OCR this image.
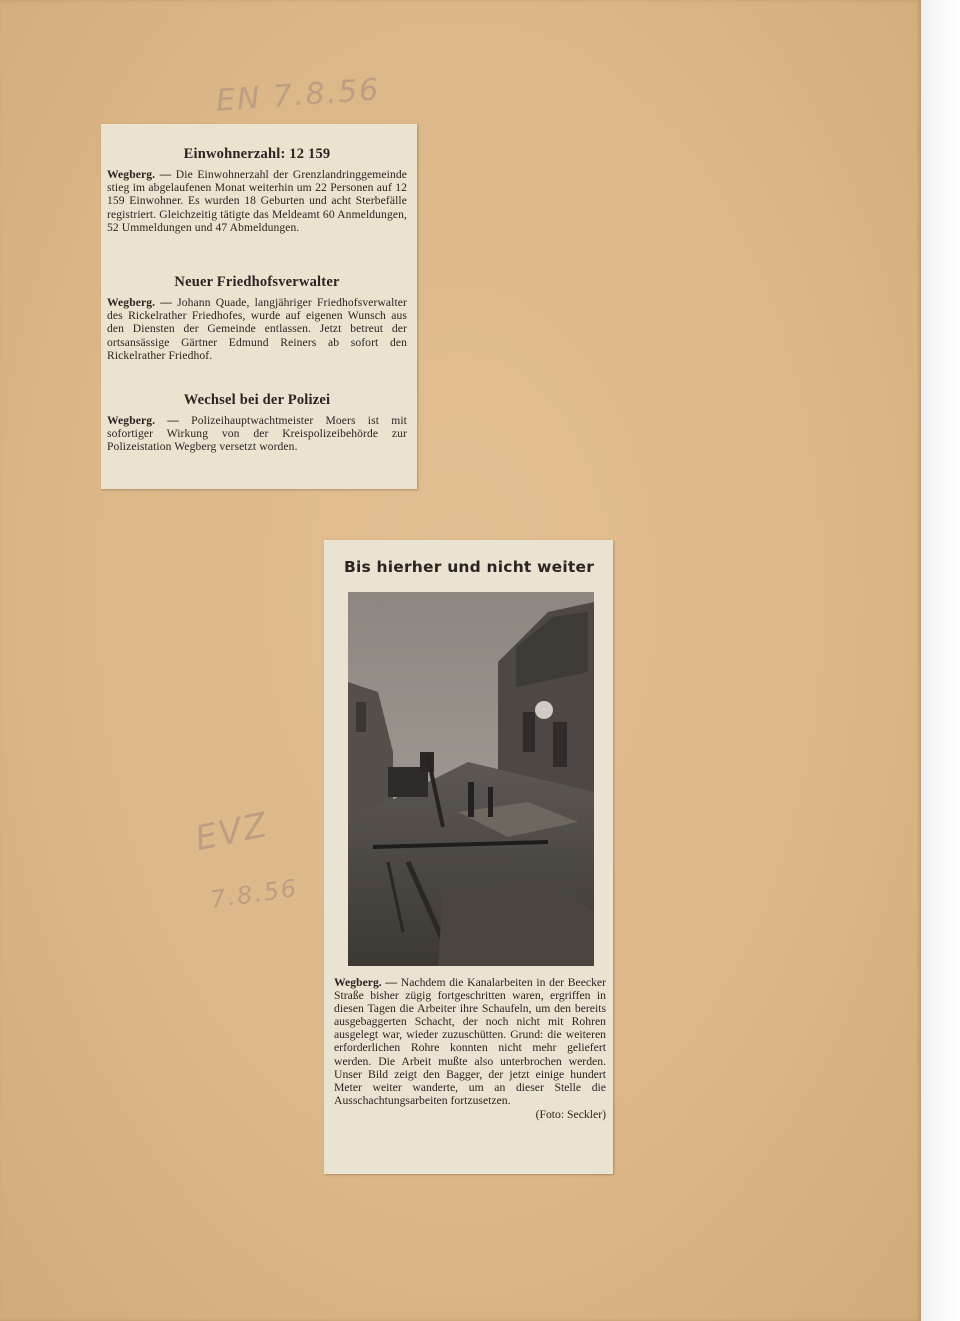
EN 7.8.56
EVZ
7.8.56
Einwohnerzahl: 12 159

Wegberg. — Die Einwohnerzahl der Grenzlandringgemeinde stieg im abgelaufenen Monat weiterhin um 22 Personen auf 12 159 Einwohner. Es wurden 18 Geburten und acht Sterbefälle registriert. Gleichzeitig tätigte das Meldeamt 60 Anmeldungen, 52 Ummeldungen und 47 Abmeldungen.

Neuer Friedhofsverwalter

Wegberg. — Johann Quade, langjähriger Friedhofsverwalter des Rickelrather Friedhofes, wurde auf eigenen Wunsch aus den Diensten der Gemeinde entlassen. Jetzt betreut der ortsansässige Gärtner Edmund Reiners ab sofort den Rickelrather Friedhof.

Wechsel bei der Polizei

Wegberg. — Polizeihauptwachtmeister Moers ist mit sofortiger Wirkung von der Kreispolizeibehörde zur Polizeistation Wegberg versetzt worden.

Bis hierher und nicht weiter
Wegberg. — Nachdem die Kanalarbeiten in der Beecker Straße bisher zügig fortgeschritten waren, ergriffen in diesen Tagen die Arbeiter ihre Schaufeln, um den bereits ausgebaggerten Schacht, der noch nicht mit Rohren ausgelegt war, wieder zuzuschütten. Grund: die weiteren erforderlichen Rohre konnten nicht mehr geliefert werden. Die Arbeit mußte also unterbrochen werden. Unser Bild zeigt den Bagger, der jetzt einige hundert Meter weiter wanderte, um an dieser Stelle die Ausschachtungsarbeiten fortzusetzen.
(Foto: Seckler)
